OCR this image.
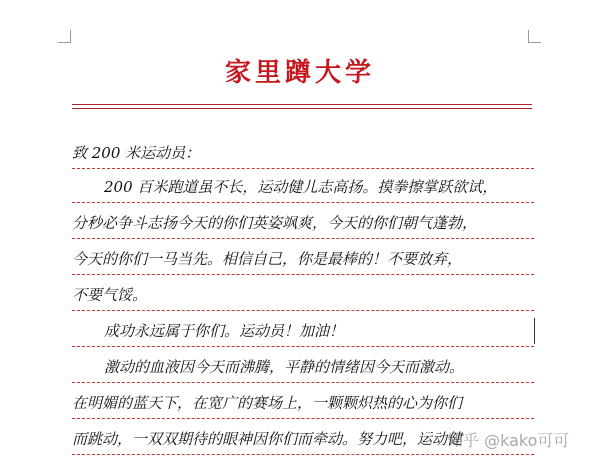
家里蹲大学
致 200 米运动员：
200 百米跑道虽不长，运动健儿志高扬。摸拳擦掌跃欲试，
分秒必争斗志扬今天的你们英姿飒爽，今天的你们朝气蓬勃，
今天的你们一马当先。相信自己，你是最棒的！不要放弃，
不要气馁。
成功永远属于你们。运动员！加油！
激动的血液因今天而沸腾，平静的情绪因今天而激动。
在明媚的蓝天下，在宽广的赛场上，一颗颗炽热的心为你们
而跳动，一双双期待的眼神因你们而牵动。努力吧，运动健
知乎 @kako可可
